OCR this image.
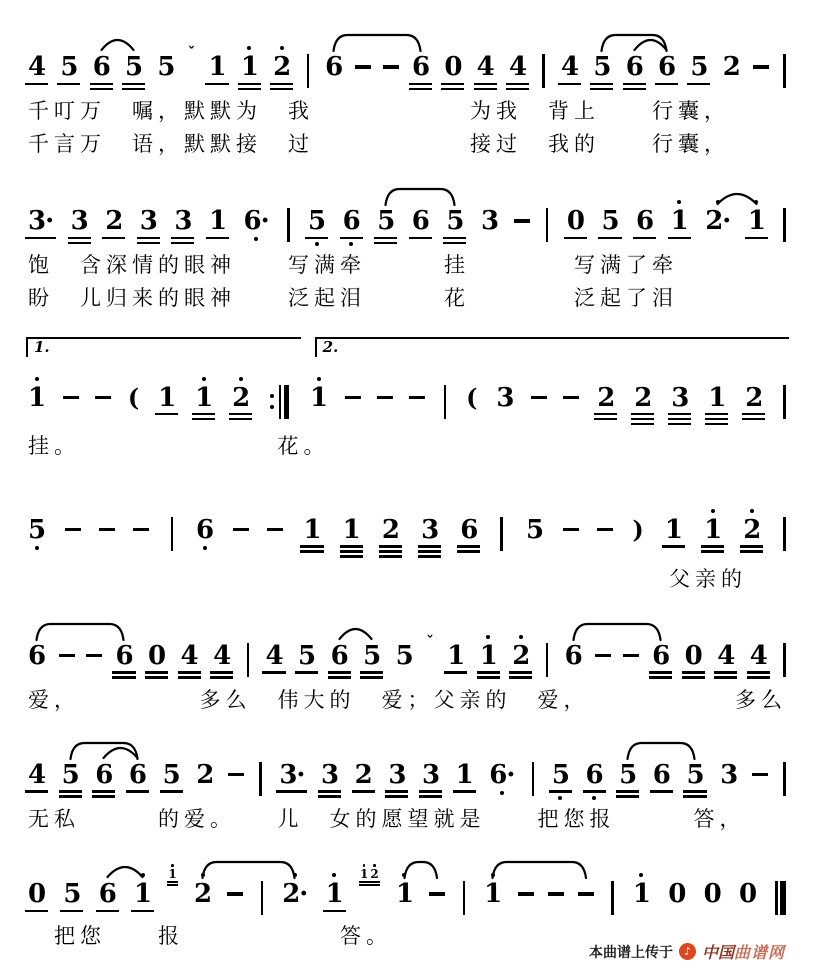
4 5 6 5 5 ˇ 1 1 2 6	6 0 4 4 4 5 6 6 5 2
千叮万　嘱，默默为　我　　　　　　为我　背上　　行囊，
千言万　语，默默接　过　　　　　　接过　我的　　行囊，
3· 3 2 3 3 1 6· 5 6 5 6 5 3	0 5 6 1 2· 1
饱　含深情的眼神　　写满牵　　　挂　　　　写满了牵
盼　儿归来的眼神　　泛起泪　　　花　　　　泛起了泪
1.	2.
1	( 1 1 2 1	( 3	2 2 3 1 2
挂。　　　　　　　　花。
5	6	1 1 2 3 6 5	) 1 1 2
父亲的
6	6 0 4 4 4 5 6 5 5 ˇ 1 1 2 6	6 0 4 4
爱，　　　　　多么　伟大的　爱；父亲的　爱，　　　　　　多么
4 5 6 6 5 2	3· 3 2 3 3 1 6· 5 6 5 6 5 3
无私　　　的爱。　　儿　女的愿望就是　　把您报　　　答，
0 5 6 1
1
2	2· 1
1 2
1	1	1 0 0 0
　把您　　报　　　　　　答。
本曲谱上传于 ♪ 中国曲谱网
